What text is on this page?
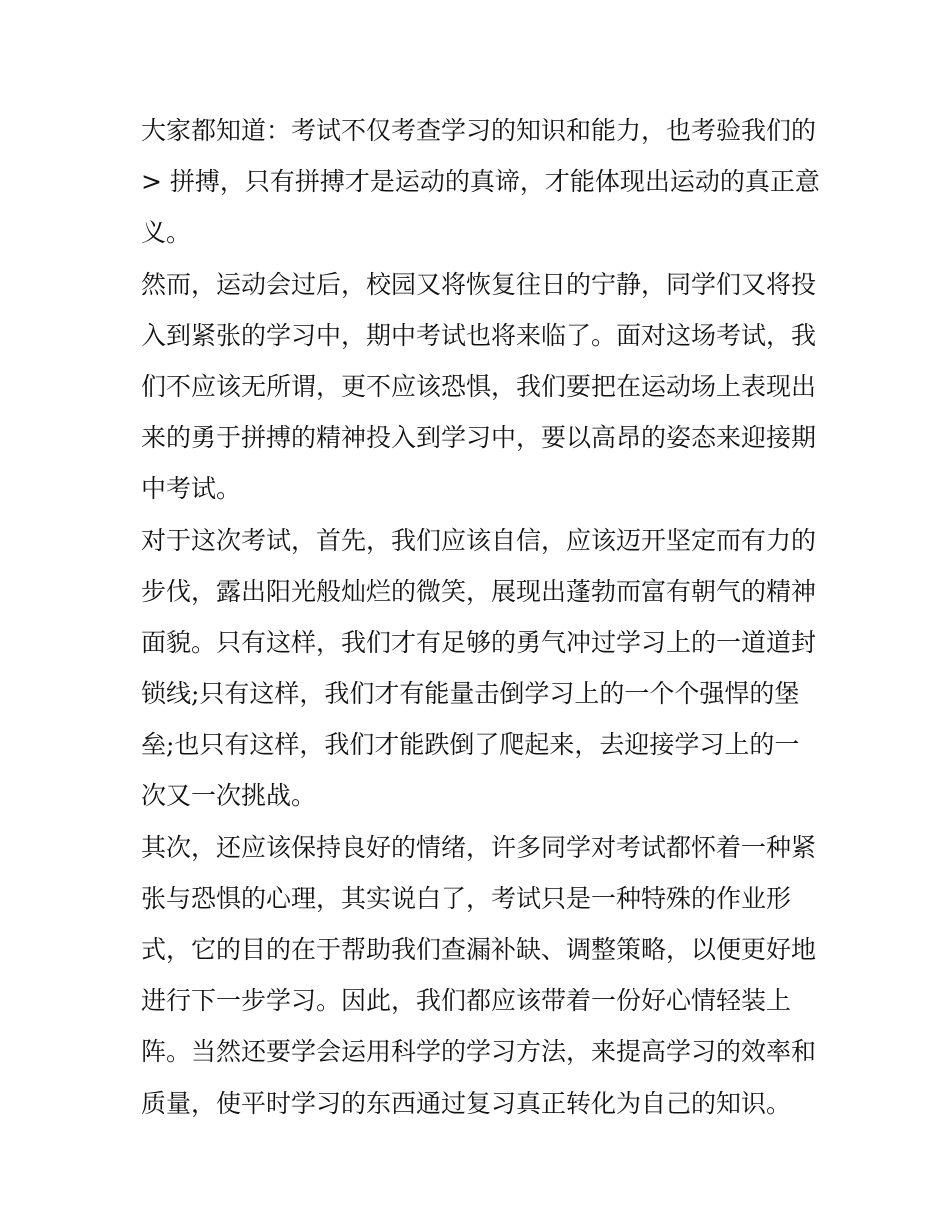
大家都知道：考试不仅考查学习的知识和能力，也考验我们的
> 拼搏，只有拼搏才是运动的真谛，才能体现出运动的真正意
义。
然而，运动会过后，校园又将恢复往日的宁静，同学们又将投
入到紧张的学习中，期中考试也将来临了。面对这场考试，我
们不应该无所谓，更不应该恐惧，我们要把在运动场上表现出
来的勇于拼搏的精神投入到学习中，要以高昂的姿态来迎接期
中考试。
对于这次考试，首先，我们应该自信，应该迈开坚定而有力的
步伐，露出阳光般灿烂的微笑，展现出蓬勃而富有朝气的精神
面貌。只有这样，我们才有足够的勇气冲过学习上的一道道封
锁线;只有这样，我们才有能量击倒学习上的一个个强悍的堡
垒;也只有这样，我们才能跌倒了爬起来，去迎接学习上的一
次又一次挑战。
其次，还应该保持良好的情绪，许多同学对考试都怀着一种紧
张与恐惧的心理，其实说白了，考试只是一种特殊的作业形
式，它的目的在于帮助我们查漏补缺、调整策略，以便更好地
进行下一步学习。因此，我们都应该带着一份好心情轻装上
阵。当然还要学会运用科学的学习方法，来提高学习的效率和
质量，使平时学习的东西通过复习真正转化为自己的知识。
